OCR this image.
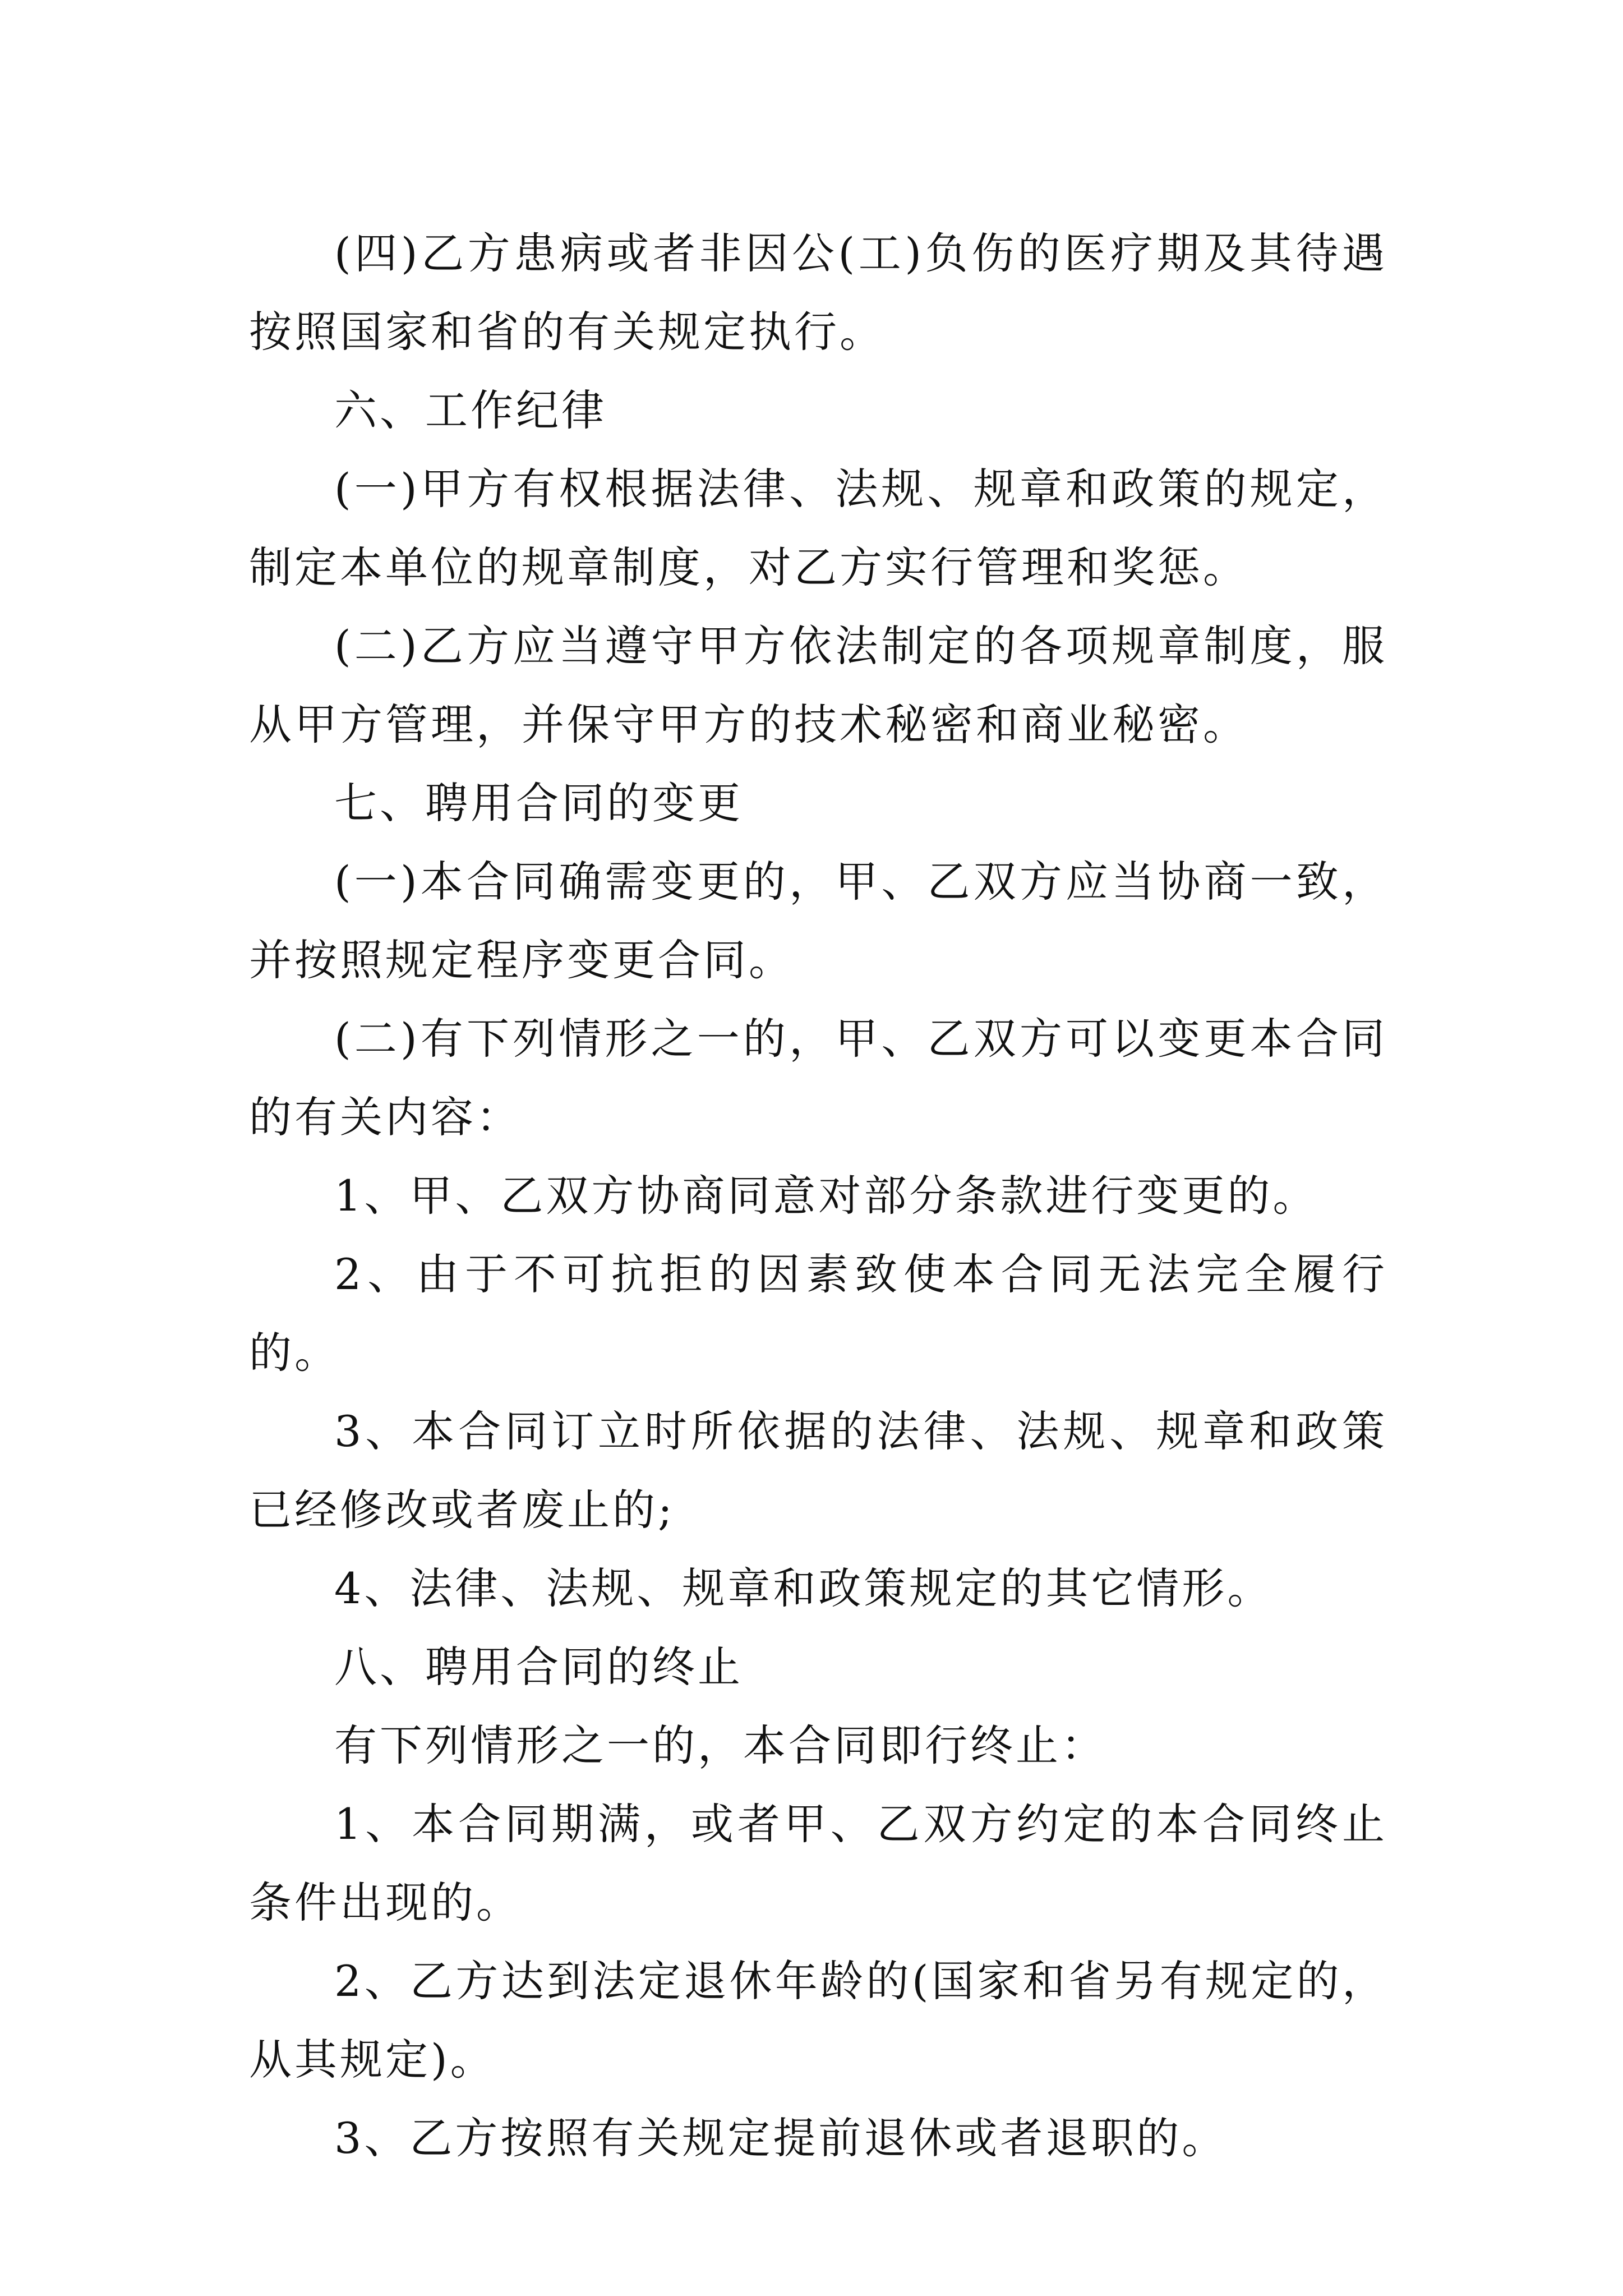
(四)乙方患病或者非因公(工)负伤的医疗期及其待遇按照国家和省的有关规定执行。

六、工作纪律

(一)甲方有权根据法律、法规、规章和政策的规定，制定本单位的规章制度，对乙方实行管理和奖惩。

(二)乙方应当遵守甲方依法制定的各项规章制度，服从甲方管理，并保守甲方的技术秘密和商业秘密。

七、聘用合同的变更

(一)本合同确需变更的，甲、乙双方应当协商一致，并按照规定程序变更合同。

(二)有下列情形之一的，甲、乙双方可以变更本合同的有关内容：

1、甲、乙双方协商同意对部分条款进行变更的。

2、由于不可抗拒的因素致使本合同无法完全履行的。

3、本合同订立时所依据的法律、法规、规章和政策已经修改或者废止的;

4、法律、法规、规章和政策规定的其它情形。

八、聘用合同的终止

有下列情形之一的，本合同即行终止：

1、本合同期满，或者甲、乙双方约定的本合同终止条件出现的。

2、乙方达到法定退休年龄的(国家和省另有规定的，从其规定)。

3、乙方按照有关规定提前退休或者退职的。
